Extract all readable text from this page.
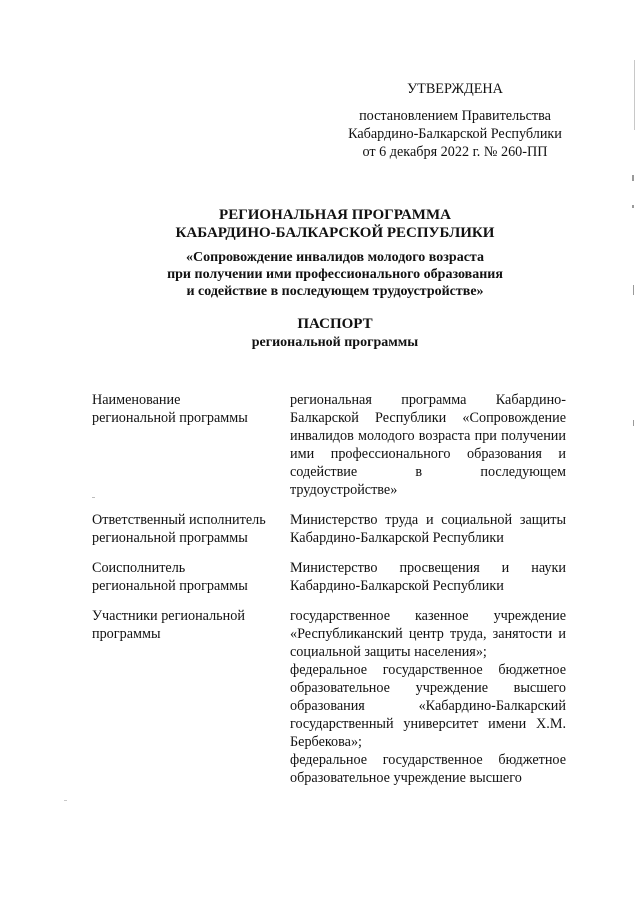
УТВЕРЖДЕНА
постановлением Правительства
Кабардино-Балкарской Республики
от 6 декабря 2022 г. № 260-ПП
РЕГИОНАЛЬНАЯ ПРОГРАММА
КАБАРДИНО-БАЛКАРСКОЙ РЕСПУБЛИКИ
«Сопровождение инвалидов молодого возраста
при получении ими профессионального образования
и содействие в последующем трудоустройстве»
ПАСПОРТ
региональной программы
Наименование
региональной программы
региональная программа Кабардино-Балкарской Республики «Сопровождение инвалидов молодого возраста при получении ими профессионального образования и содействие в последующем трудоустройстве»
Ответственный исполнитель
региональной программы
Министерство труда и социальной защиты Кабардино-Балкарской Республики
Соисполнитель
региональной программы
Министерство просвещения и науки Кабардино-Балкарской Республики
Участники региональной
программы
государственное казенное учреждение «Республиканский центр труда, занятости и социальной защиты населения»;
федеральное государственное бюджетное образовательное учреждение высшего образования «Кабардино-Балкарский государственный университет имени Х.М. Бербекова»;
федеральное государственное бюджетное образовательное учреждение высшего
